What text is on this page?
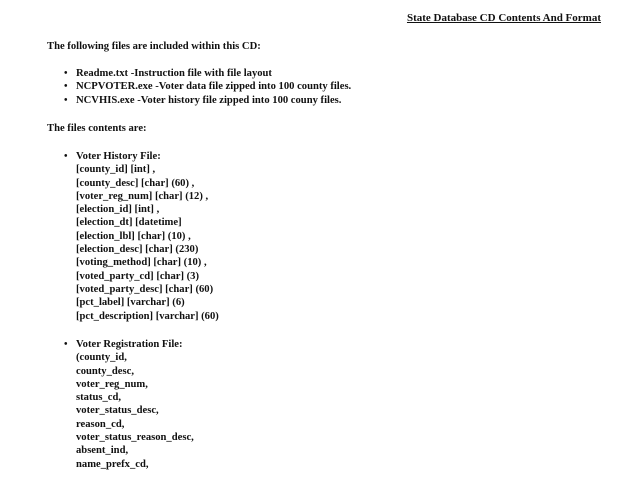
State Database CD Contents And Format
The following files are included within this CD:
• Readme.txt -Instruction file with file layout
• NCPVOTER.exe -Voter data file zipped into 100 county files.
• NCVHIS.exe -Voter history file zipped into 100 couny files.
The files contents are:
• Voter History File:
[county_id] [int] ,
[county_desc] [char] (60) ,
[voter_reg_num] [char] (12) ,
[election_id] [int] ,
[election_dt] [datetime]
[election_lbl] [char] (10) ,
[election_desc] [char] (230)
[voting_method] [char] (10) ,
[voted_party_cd] [char] (3)
[voted_party_desc] [char] (60)
[pct_label] [varchar] (6)
[pct_description] [varchar] (60)
• Voter Registration File:
(county_id,
county_desc,
voter_reg_num,
status_cd,
voter_status_desc,
reason_cd,
voter_status_reason_desc,
absent_ind,
name_prefx_cd,
